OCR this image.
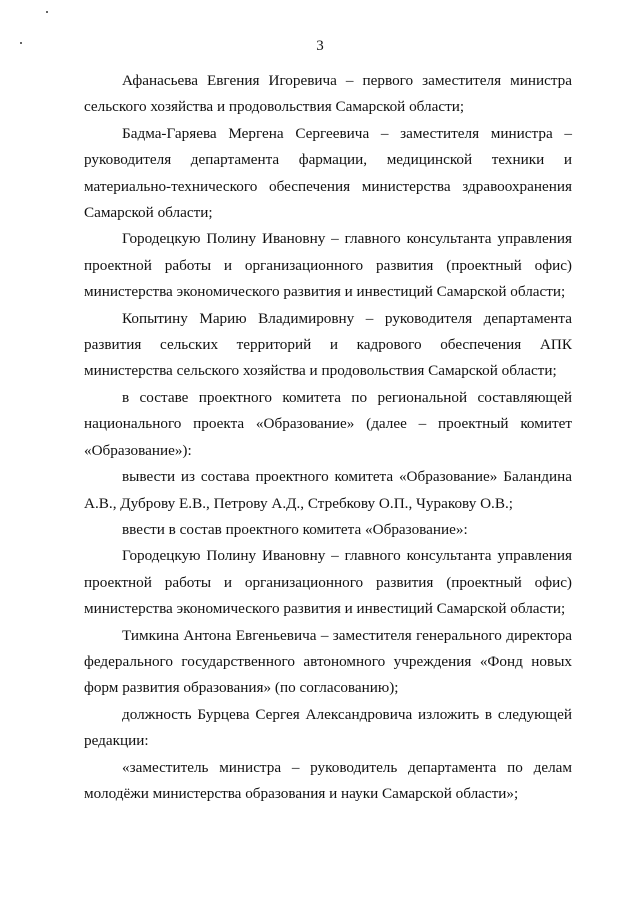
3

Афанасьева Евгения Игоревича – первого заместителя министра сельского хозяйства и продовольствия Самарской области;

Бадма-Гаряева Мергена Сергеевича – заместителя министра – руководителя департамента фармации, медицинской техники и материально-технического обеспечения министерства здравоохранения Самарской области;

Городецкую Полину Ивановну – главного консультанта управления проектной работы и организационного развития (проектный офис) министерства экономического развития и инвестиций Самарской области;

Копытину Марию Владимировну – руководителя департамента развития сельских территорий и кадрового обеспечения АПК министерства сельского хозяйства и продовольствия Самарской области;

в составе проектного комитета по региональной составляющей национального проекта «Образование» (далее – проектный комитет «Образование»):

вывести из состава проектного комитета «Образование» Баландина А.В., Дуброву Е.В., Петрову А.Д., Стребкову О.П., Чуракову О.В.;

ввести в состав проектного комитета «Образование»:

Городецкую Полину Ивановну – главного консультанта управления проектной работы и организационного развития (проектный офис) министерства экономического развития и инвестиций Самарской области;

Тимкина Антона Евгеньевича – заместителя генерального директора федерального государственного автономного учреждения «Фонд новых форм развития образования» (по согласованию);

должность Бурцева Сергея Александровича изложить в следующей редакции:

«заместитель министра – руководитель департамента по делам молодёжи министерства образования и науки Самарской области»;
